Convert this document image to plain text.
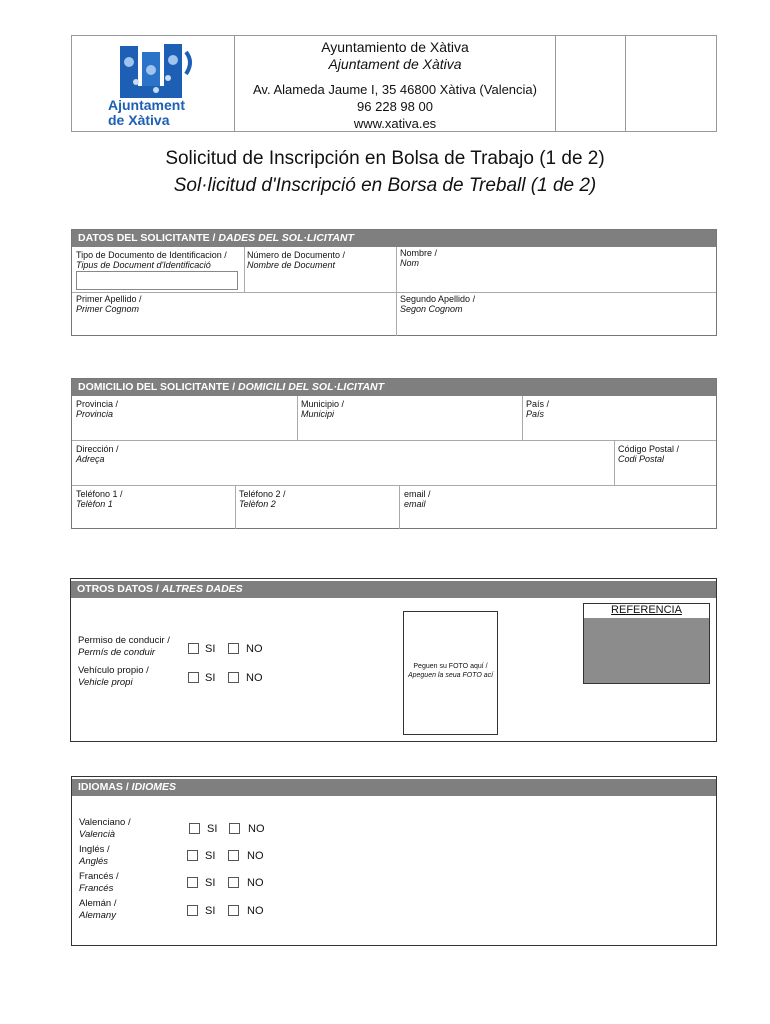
Ajuntament
de Xàtiva
Ayuntamiento de Xàtiva
Ajuntament de Xàtiva
Av. Alameda Jaume I, 35 46800 Xàtiva (Valencia)
96 228 98 00
www.xativa.es
Solicitud de Inscripción en Bolsa de Trabajo (1 de 2)
Sol·licitud d'Inscripció en Borsa de Treball (1 de 2)
DATOS DEL SOLICITANTE / DADES DEL SOL·LICITANT
Tipo de Documento de Identificacion /
Tipus de Document d'Identificació
Número de Documento /
Nombre de Document
Nombre /
Nom
Primer Apellido /
Primer Cognom
Segundo Apellido /
Segon Cognom
DOMICILIO DEL SOLICITANTE / DOMICILI DEL SOL·LICITANT
Provincia /
Provincia
Municipio /
Municipi
País /
País
Dirección /
Adreça
Código Postal /
Codi Postal
Teléfono 1 /
Telèfon 1
Teléfono 2 /
Telèfon 2
email /
email
OTROS DATOS / ALTRES DADES
REFERENCIA
Peguen su FOTO aquí /
Apeguen la seua FOTO ací
Permiso de conducir /
Permís de conduir	SI	NO
Vehículo propio /
Vehicle propi	SI	NO
IDIOMAS / IDIOMES
Valenciano /
Valencià	SI	NO
Inglés /
Anglés	SI	NO
Francés /
Francés	SI	NO
Alemán /
Alemany	SI	NO
